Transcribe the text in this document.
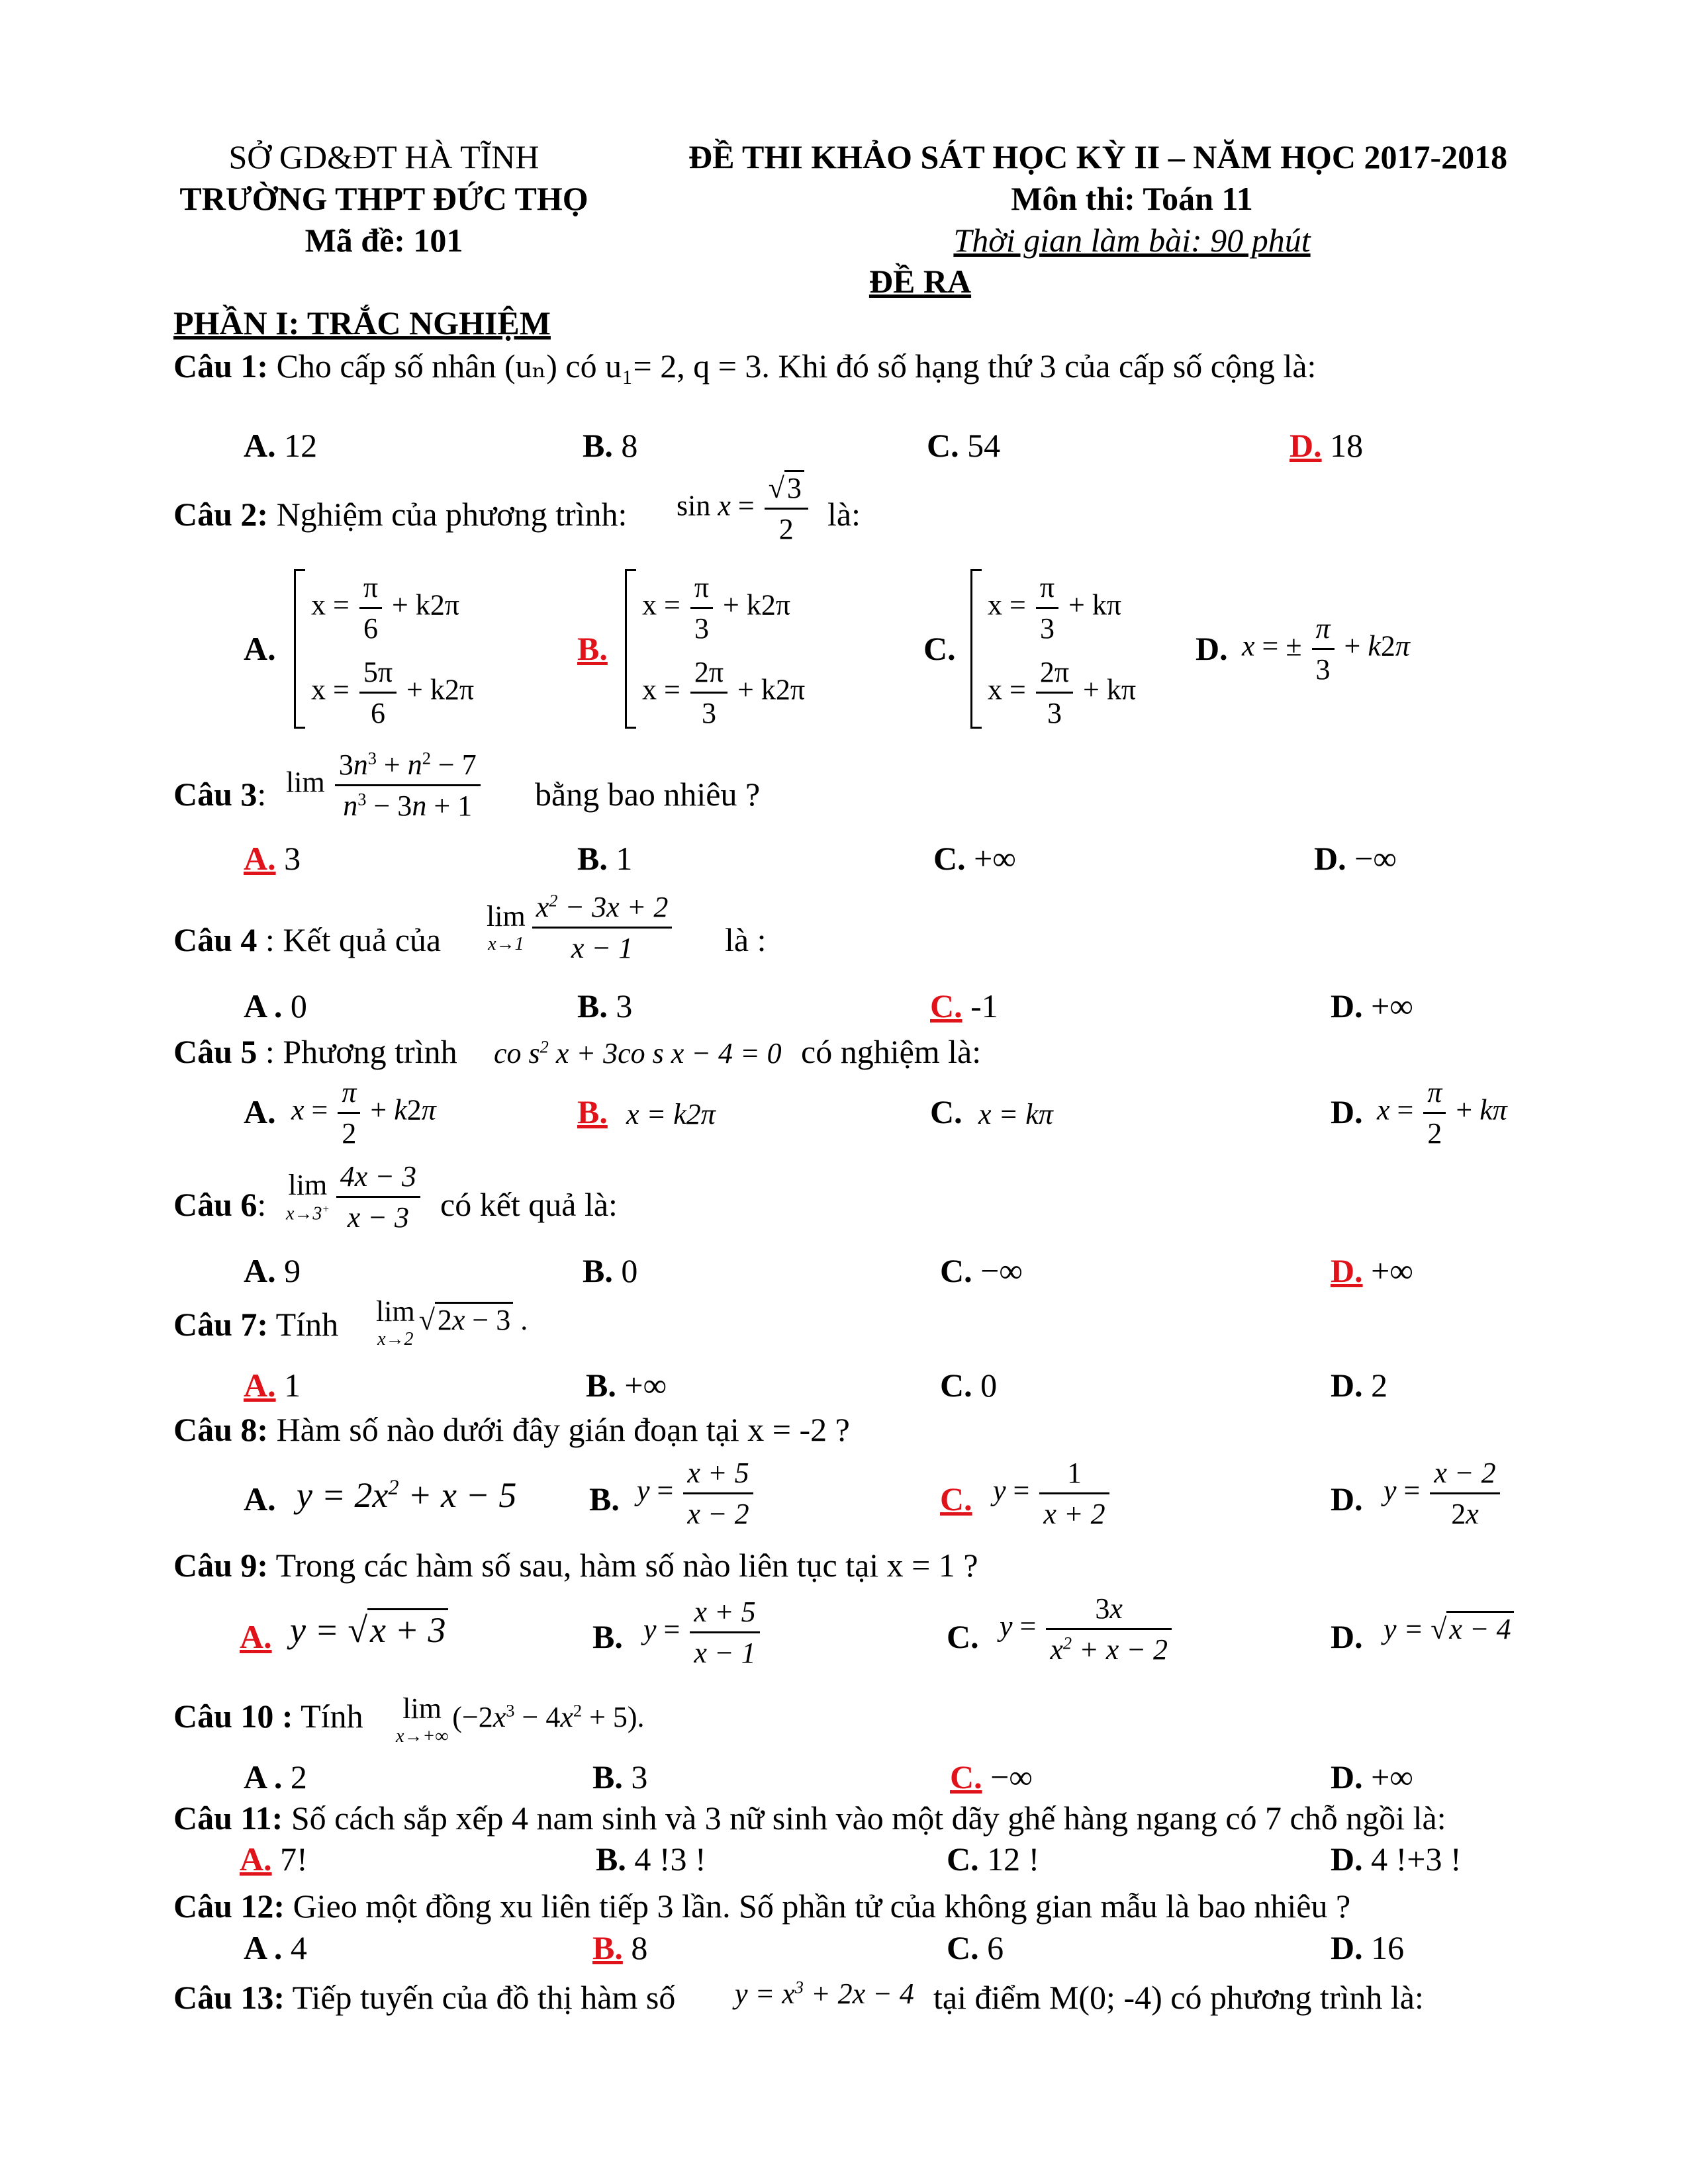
SỞ GD&ĐT HÀ TĨNH
TRƯỜNG THPT ĐỨC THỌ
Mã đề: 101
ĐỀ THI KHẢO SÁT HỌC KỲ II – NĂM HỌC 2017-2018
Môn thi: Toán 11
Thời gian làm bài: 90 phút
ĐỀ RA
PHẦN I: TRẮC NGHIỆM
Câu 1: Cho cấp số nhân (uₙ) có u₁= 2, q = 3. Khi đó số hạng thứ 3 của cấp số cộng là:
A. 12	B. 8	C. 54	D. 18
Câu 2: Nghiệm của phương trình: $\sin x = \frac{√3}{2}$ là:
A.
$x = \frac{\pi}{6} + k2\pi$
$x = \frac{5\pi}{6} + k2\pi$
B.
$x = \frac{\pi}{3} + k2\pi$
$x = \frac{2\pi}{3} + k2\pi$
C.
$x = \frac{\pi}{3} + k\pi$
$x = \frac{2\pi}{3} + k\pi$
D. x = ± $\frac{\pi}{3} + k2\pi$
Câu 3: $\lim \frac{3n^3 + n^2 - 7}{n^3 - 3n + 1}$ bằng bao nhiêu ?
A. 3	B. 1	C. +∞	D. −∞
Câu 4 : Kết quả của
lim
$x\to 1 \frac{x^2 - 3x + 2}{x - 1}$ là :
A . 0	B. 3	C. -1	D. +∞
Câu 5 : Phương trình co $s^2$ x + 3co s x − 4 = 0 có nghiệm là:
A. $x = \frac{\pi}{2} + k2\pi$	B. x = k2π	C. x = kπ	D. $x = \frac{\pi}{2} + k\pi$
Câu 6:
lim
$x\to 3^+ \frac{4x - 3}{x - 3}$ có kết quả là:
A. 9	B. 0	C. −∞	D. +∞
Câu 7: Tính lim
x→2
√2x − 3 .
A. 1	B. +∞	C. 0	D. 2
Câu 8: Hàm số nào dưới đây gián đoạn tại x = -2 ?
A. $y = 2x^2 + x - 5$ B. $y = \frac{x + 5}{x - 2}$	C. $y = \frac{1}{x + 2}$	D. $y = \frac{x - 2}{2x}$
Câu 9: Trong các hàm số sau, hàm số nào liên tục tại x = 1 ?
A. y = √x + 3	B. $y = \frac{x + 5}{x - 1}$	C. $y = \frac{3x}{x^2 + x - 2}$	D. y = √x − 4
Câu 10 : Tính lim
x→+∞
$(-2x^3 - 4x^2 + 5)$.
A . 2	B. 3	C. −∞	D. +∞
Câu 11: Số cách sắp xếp 4 nam sinh và 3 nữ sinh vào một dãy ghế hàng ngang có 7 chỗ ngồi là:
A. 7!	B. 4 !3 !	C. 12 !	D. 4 !+3 !
Câu 12: Gieo một đồng xu liên tiếp 3 lần. Số phần tử của không gian mẫu là bao nhiêu ?
A . 4	B. 8	C. 6	D. 16
Câu 13: Tiếp tuyến của đồ thị hàm số $y = x^3 + 2x - 4$ tại điểm M(0; -4) có phương trình là:
